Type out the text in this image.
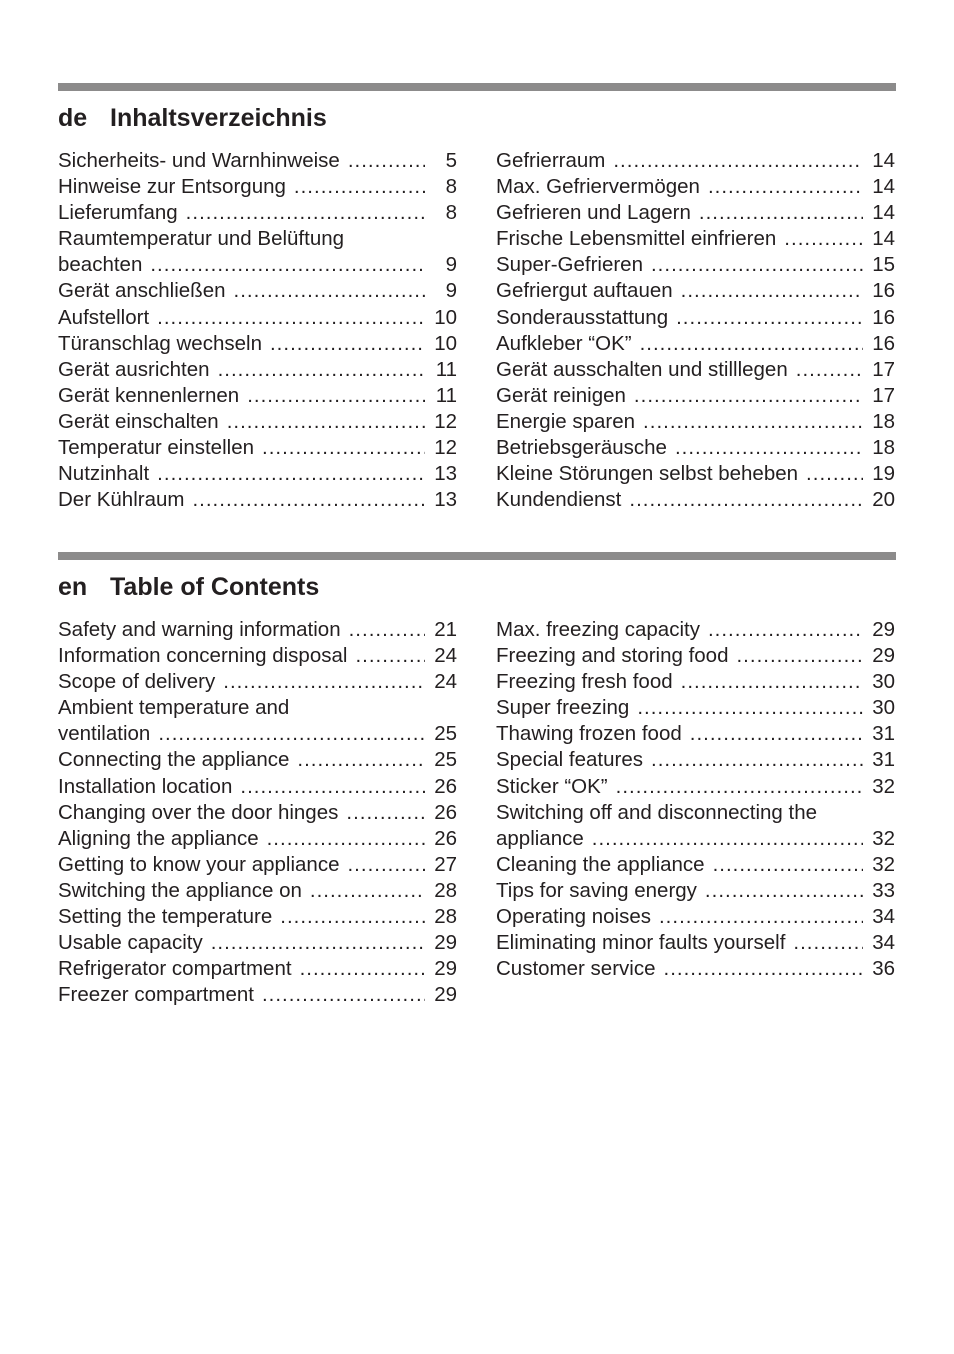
de Inhaltsverzeichnis
Sicherheits- und Warnhinweise .....	5
Hinweise zur Entsorgung .....	8
Lieferumfang .....	8
Raumtemperatur und Belüftung
beachten .....	9
Gerät anschließen .....	9
Aufstellort .....	10
Türanschlag wechseln .....	10
Gerät ausrichten .....	11
Gerät kennenlernen .....	11
Gerät einschalten .....	12
Temperatur einstellen .....	12
Nutzinhalt .....	13
Der Kühlraum .....	13
Gefrierraum .....	14
Max. Gefriervermögen .....	14
Gefrieren und Lagern .....	14
Frische Lebensmittel einfrieren .....	14
Super-Gefrieren .....	15
Gefriergut auftauen .....	16
Sonderausstattung .....	16
Aufkleber “OK” .....	16
Gerät ausschalten und stilllegen .....	17
Gerät reinigen .....	17
Energie sparen .....	18
Betriebsgeräusche .....	18
Kleine Störungen selbst beheben .....	19
Kundendienst .....	20
en Table of Contents
Safety and warning information .....	21
Information concerning disposal .....	24
Scope of delivery .....	24
Ambient temperature and
ventilation .....	25
Connecting the appliance .....	25
Installation location .....	26
Changing over the door hinges .....	26
Aligning the appliance .....	26
Getting to know your appliance .....	27
Switching the appliance on .....	28
Setting the temperature .....	28
Usable capacity .....	29
Refrigerator compartment .....	29
Freezer compartment .....	29
Max. freezing capacity .....	29
Freezing and storing food .....	29
Freezing fresh food .....	30
Super freezing .....	30
Thawing frozen food .....	31
Special features .....	31
Sticker “OK” .....	32
Switching off and disconnecting the
appliance .....	32
Cleaning the appliance .....	32
Tips for saving energy .....	33
Operating noises .....	34
Eliminating minor faults yourself .....	34
Customer service .....	36
